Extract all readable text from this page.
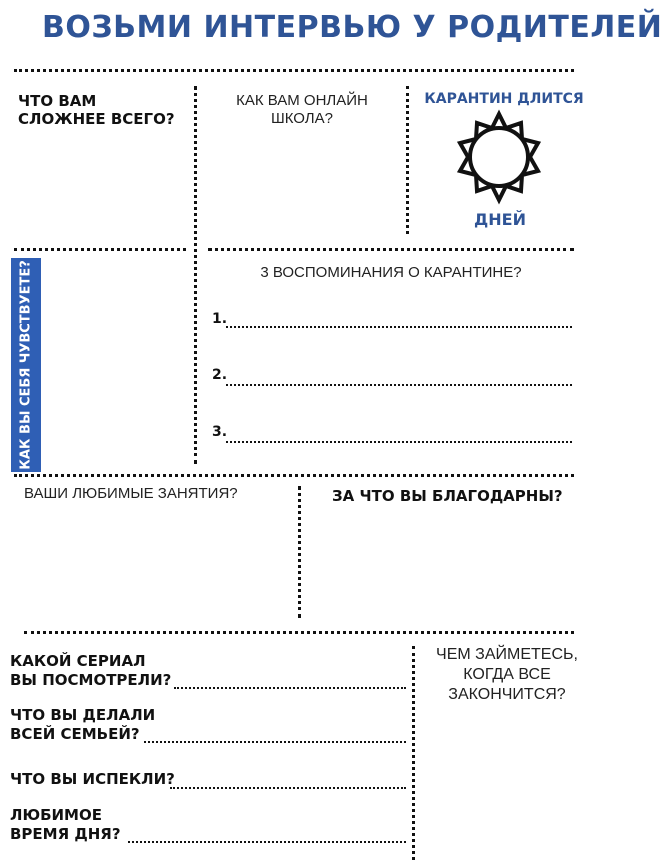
ВОЗЬМИ ИНТЕРВЬЮ У РОДИТЕЛЕЙ
ЧТО ВАМ СЛОЖНЕЕ ВСЕГО?
КАК ВАМ ОНЛАЙН ШКОЛА?
КАРАНТИН ДЛИТСЯ
ДНЕЙ
КАК ВЫ СЕБЯ ЧУВСТВУЕТЕ?	3 ВОСПОМИНАНИЯ О КАРАНТИНЕ?
1.
2.
3.
ВАШИ ЛЮБИМЫЕ ЗАНЯТИЯ?	ЗА ЧТО ВЫ БЛАГОДАРНЫ?
КАКОЙ СЕРИАЛ
ВЫ ПОСМОТРЕЛИ?
ЧТО ВЫ ДЕЛАЛИ
ВСЕЙ СЕМЬЕЙ?
ЧТО ВЫ ИСПЕКЛИ?
ЛЮБИМОЕ
ВРЕМЯ ДНЯ?
ЧЕМ ЗАЙМЕТЕСЬ, КОГДА ВСЕ ЗАКОНЧИТСЯ?
